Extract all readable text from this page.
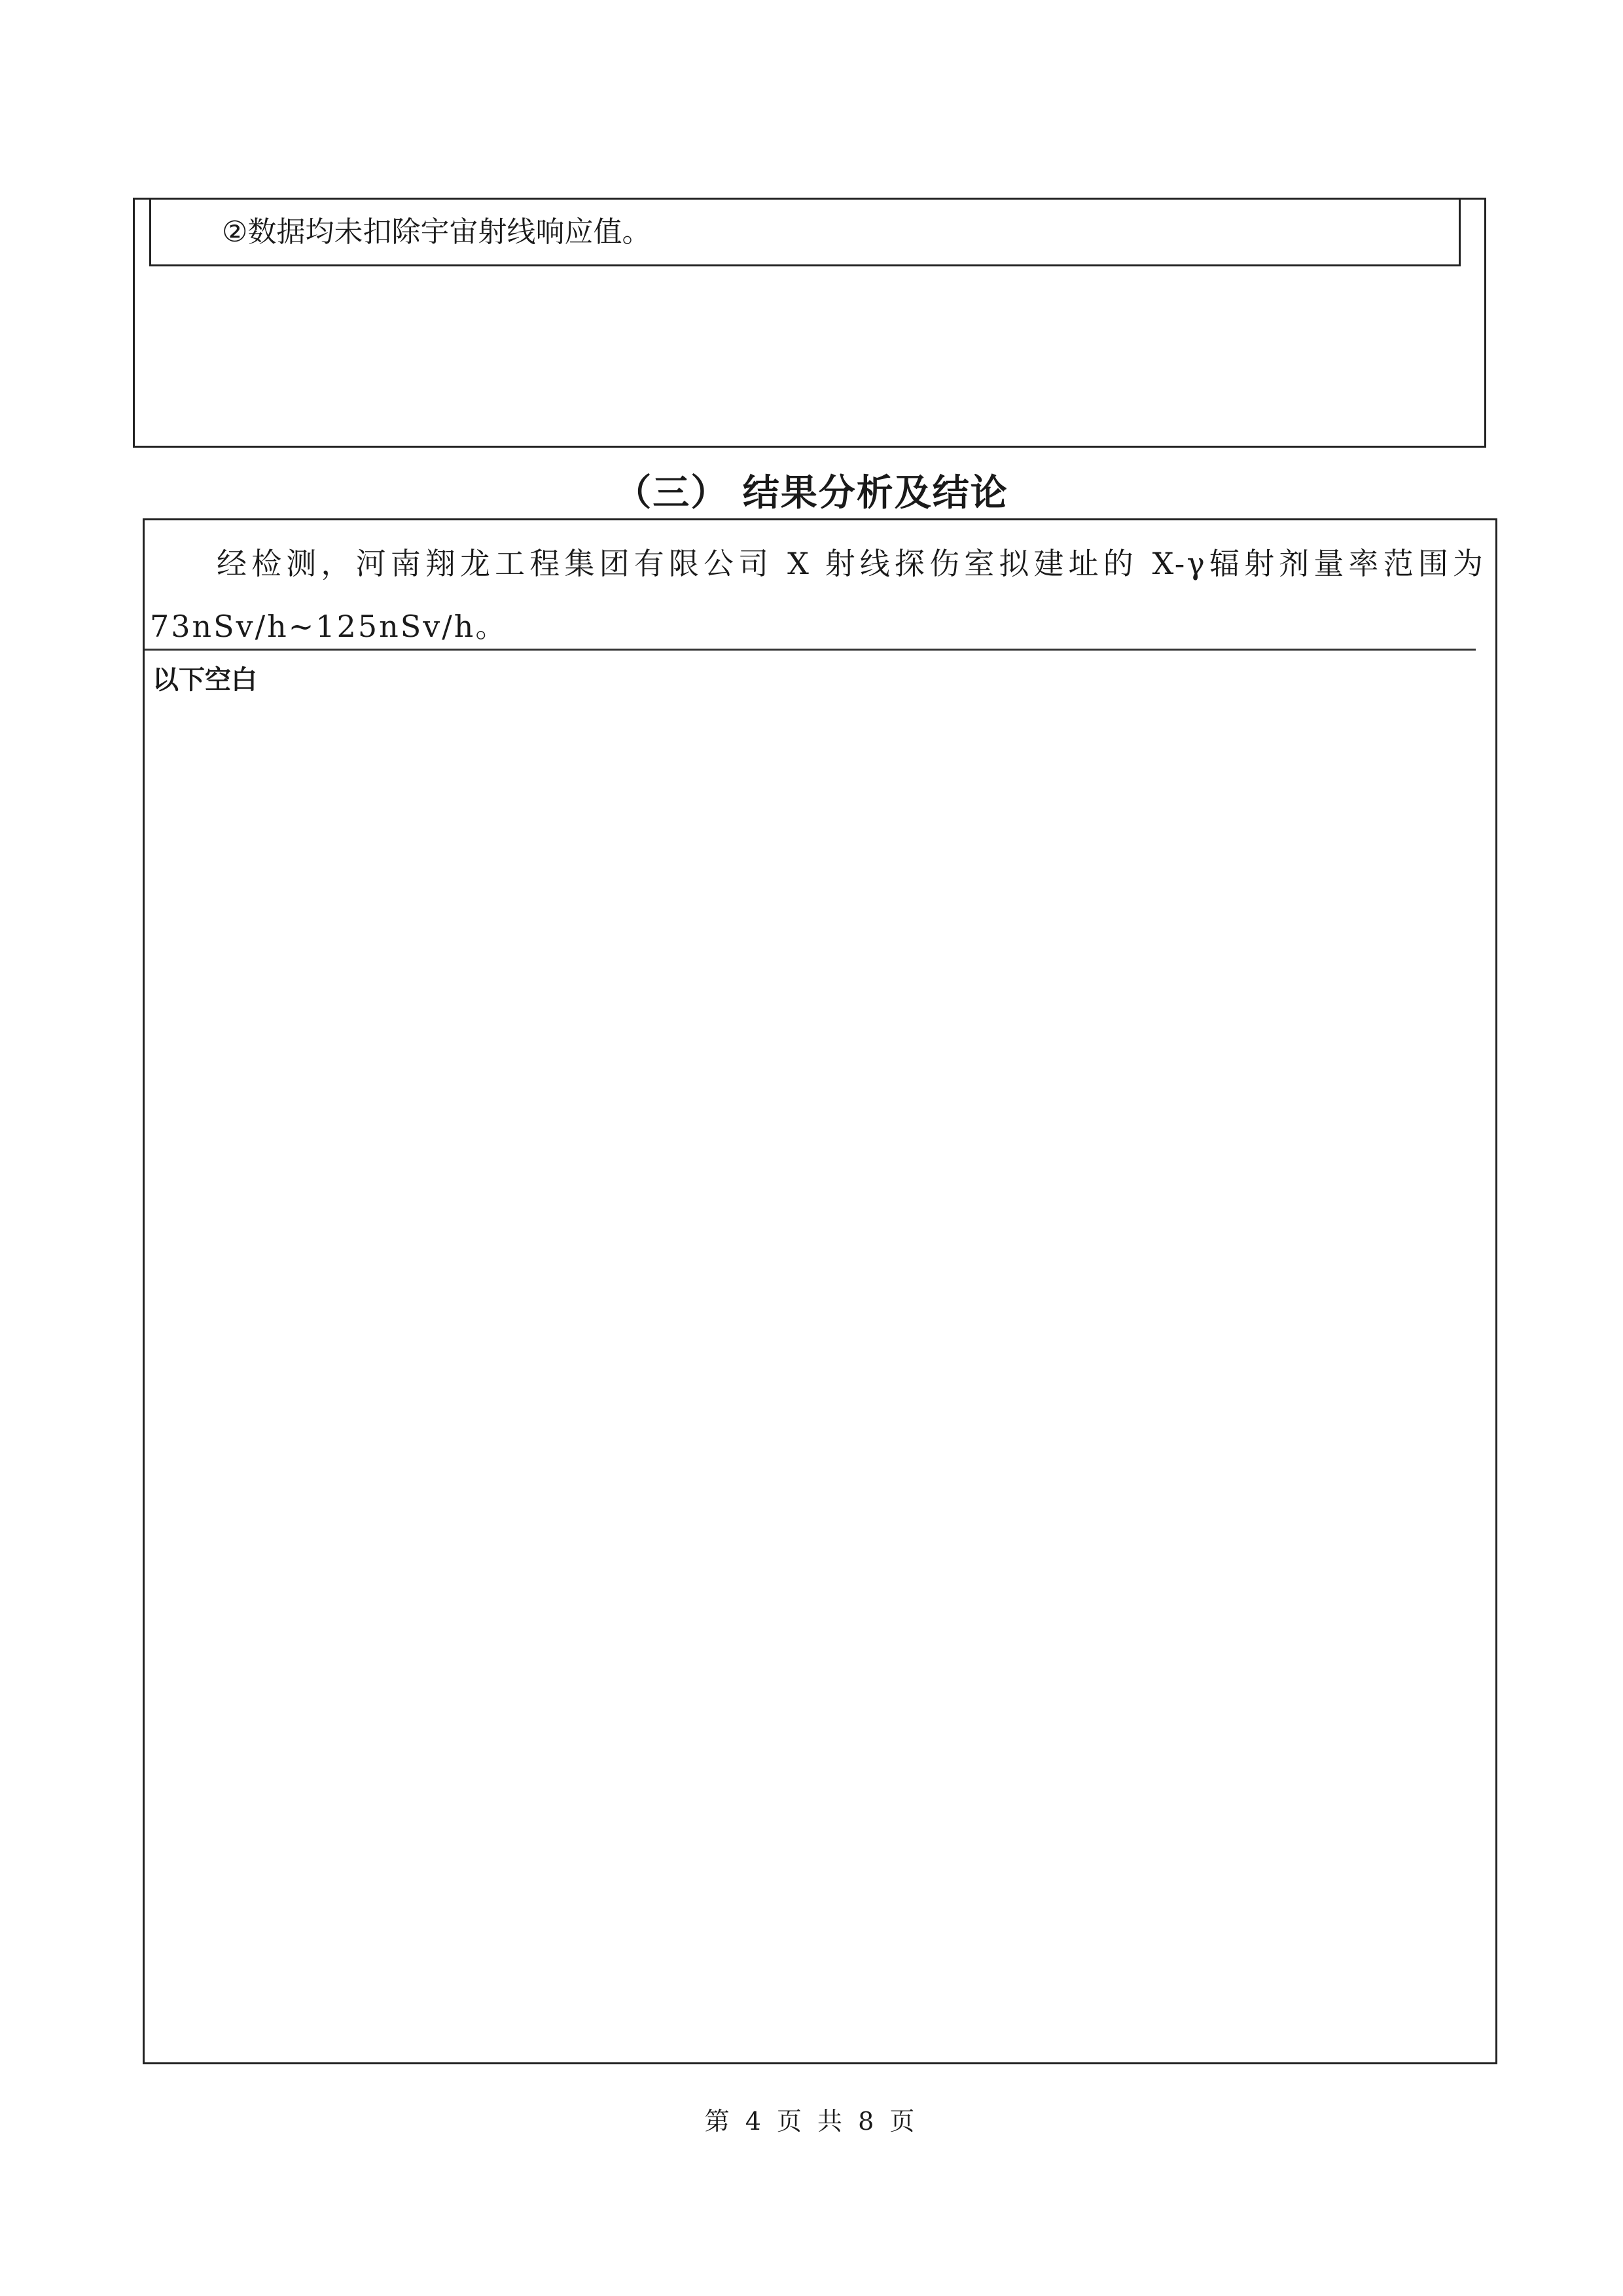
②数据均未扣除宇宙射线响应值。
（三） 结果分析及结论
经检测，河南翔龙工程集团有限公司 X 射线探伤室拟建址的 X-γ辐射剂量率范围为 73nSv/h~125nSv/h。
以下空白
第 4 页 共 8 页
